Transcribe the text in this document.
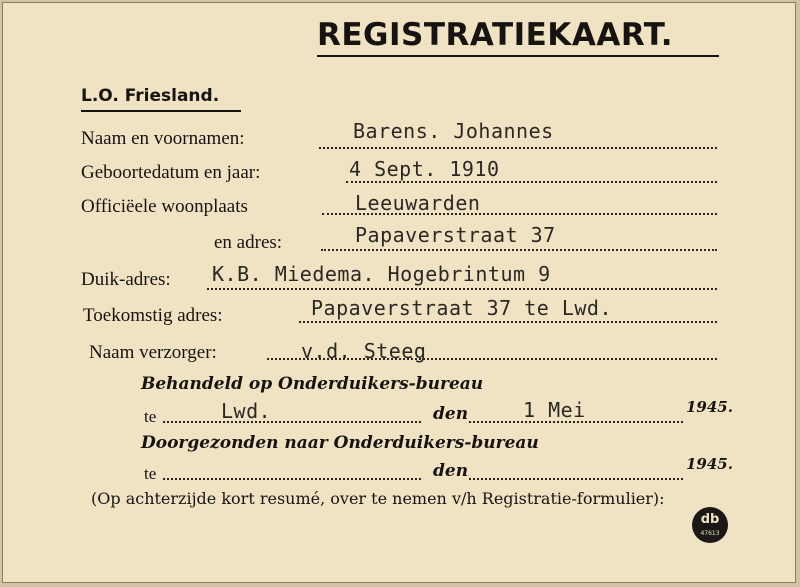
REGISTRATIEKAART.
L.O. Friesland.
Naam en voornamen:	Barens. Johannes
Geboortedatum en jaar:	4 Sept. 1910
Officiëele woonplaats	Leeuwarden
en adres:	Papaverstraat 37
Duik-adres: K.B. Miedema. Hogebrintum 9
Toekomstig adres:	Papaverstraat 37 te Lwd.
Naam verzorger:	v.d. Steeg
Behandeld op Onderduikers-bureau
te	Lwd.	den	1 Mei	1945.
Doorgezonden naar Onderduikers-bureau
te	den	1945.
(Op achterzijde kort resumé, over te nemen v/h Registratie-formulier):
db
47613
